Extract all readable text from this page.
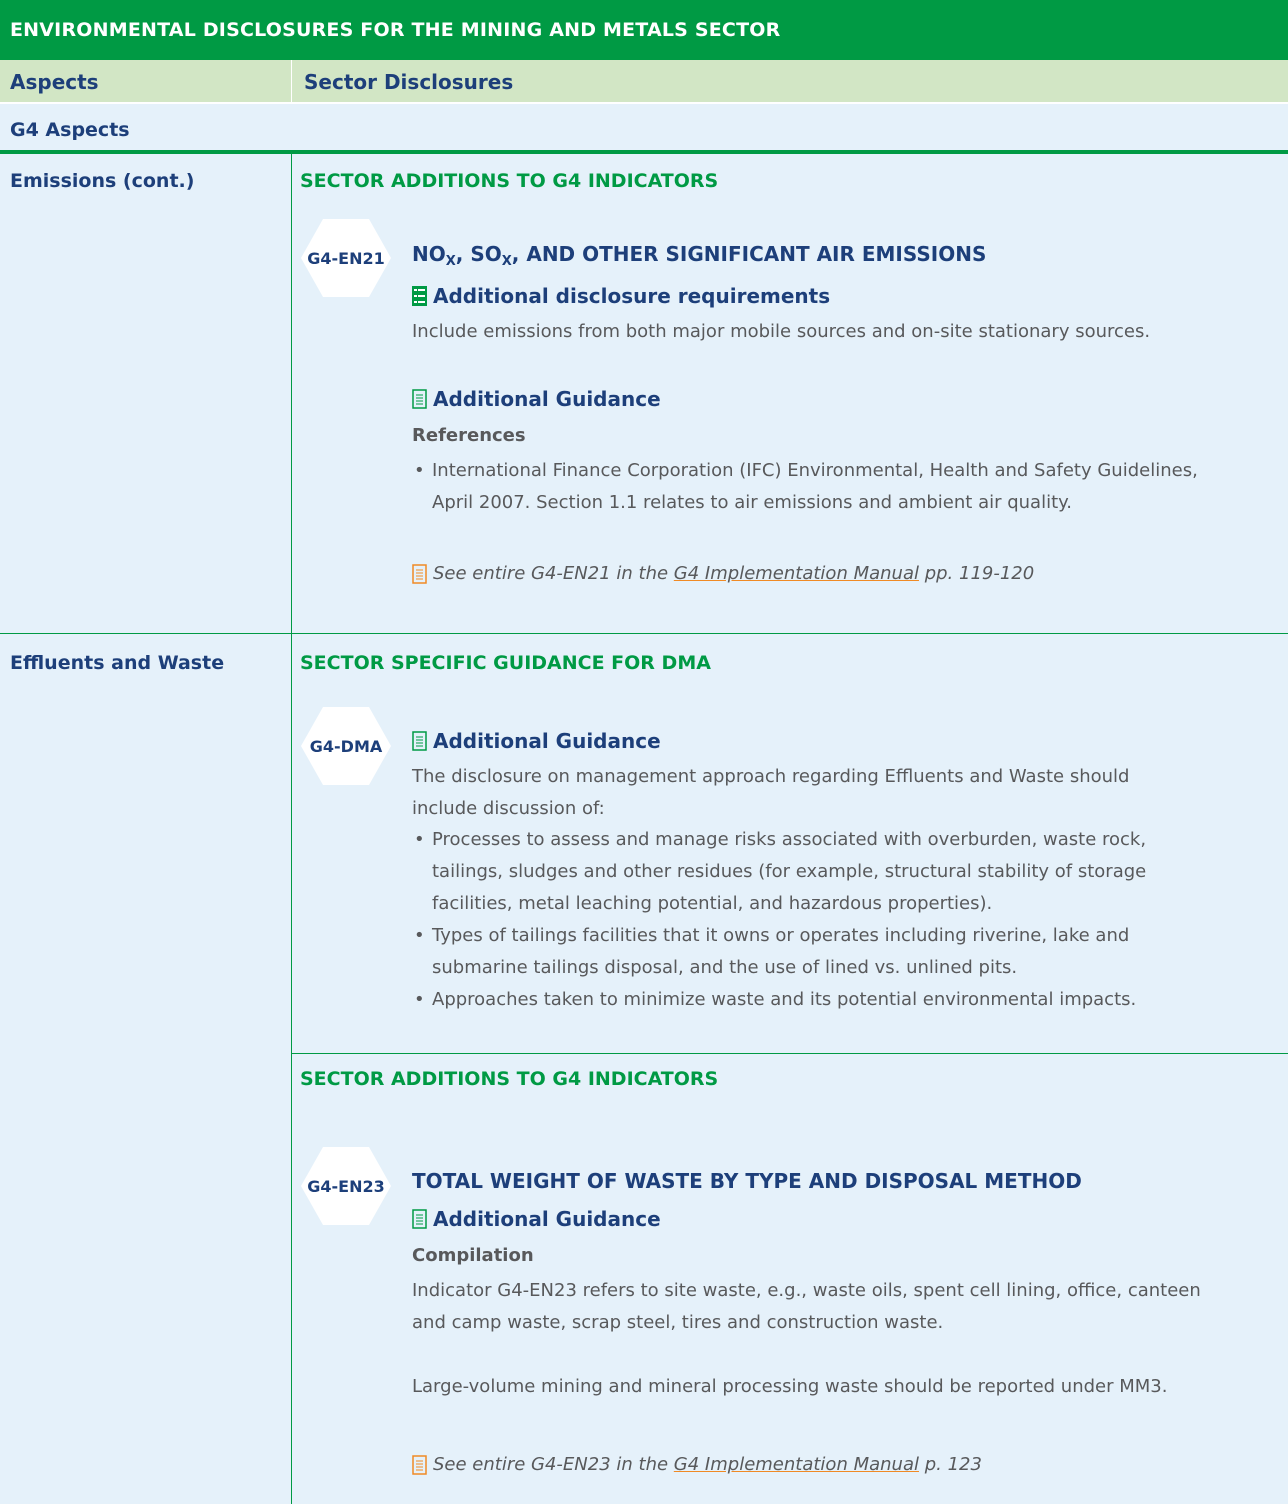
ENVIRONMENTAL DISCLOSURES FOR THE MINING AND METALS SECTOR
Aspects	Sector Disclosures
G4 Aspects
Emissions (cont.)	SECTOR ADDITIONS TO G4 INDICATORS
G4-EN21	$NO_X$, $SO_X$, AND OTHER SIGNIFICANT AIR EMISSIONS
Additional disclosure requirements
Include emissions from both major mobile sources and on-site stationary sources.
Additional Guidance
References
• International Finance Corporation (IFC) Environmental, Health and Safety Guidelines,
April 2007. Section 1.1 relates to air emissions and ambient air quality.
See entire G4-EN21 in the G4 Implementation Manual pp. 119-120
Effluents and Waste	SECTOR SPECIFIC GUIDANCE FOR DMA
G4-DMA	Additional Guidance
The disclosure on management approach regarding Effluents and Waste should
include discussion of:
• Processes to assess and manage risks associated with overburden, waste rock,
tailings, sludges and other residues (for example, structural stability of storage
facilities, metal leaching potential, and hazardous properties).
• Types of tailings facilities that it owns or operates including riverine, lake and
submarine tailings disposal, and the use of lined vs. unlined pits.
• Approaches taken to minimize waste and its potential environmental impacts.
SECTOR ADDITIONS TO G4 INDICATORS
G4-EN23	TOTAL WEIGHT OF WASTE BY TYPE AND DISPOSAL METHOD
Additional Guidance
Compilation
Indicator G4-EN23 refers to site waste, e.g., waste oils, spent cell lining, office, canteen
and camp waste, scrap steel, tires and construction waste.
Large-volume mining and mineral processing waste should be reported under MM3.
See entire G4-EN23 in the G4 Implementation Manual p. 123
